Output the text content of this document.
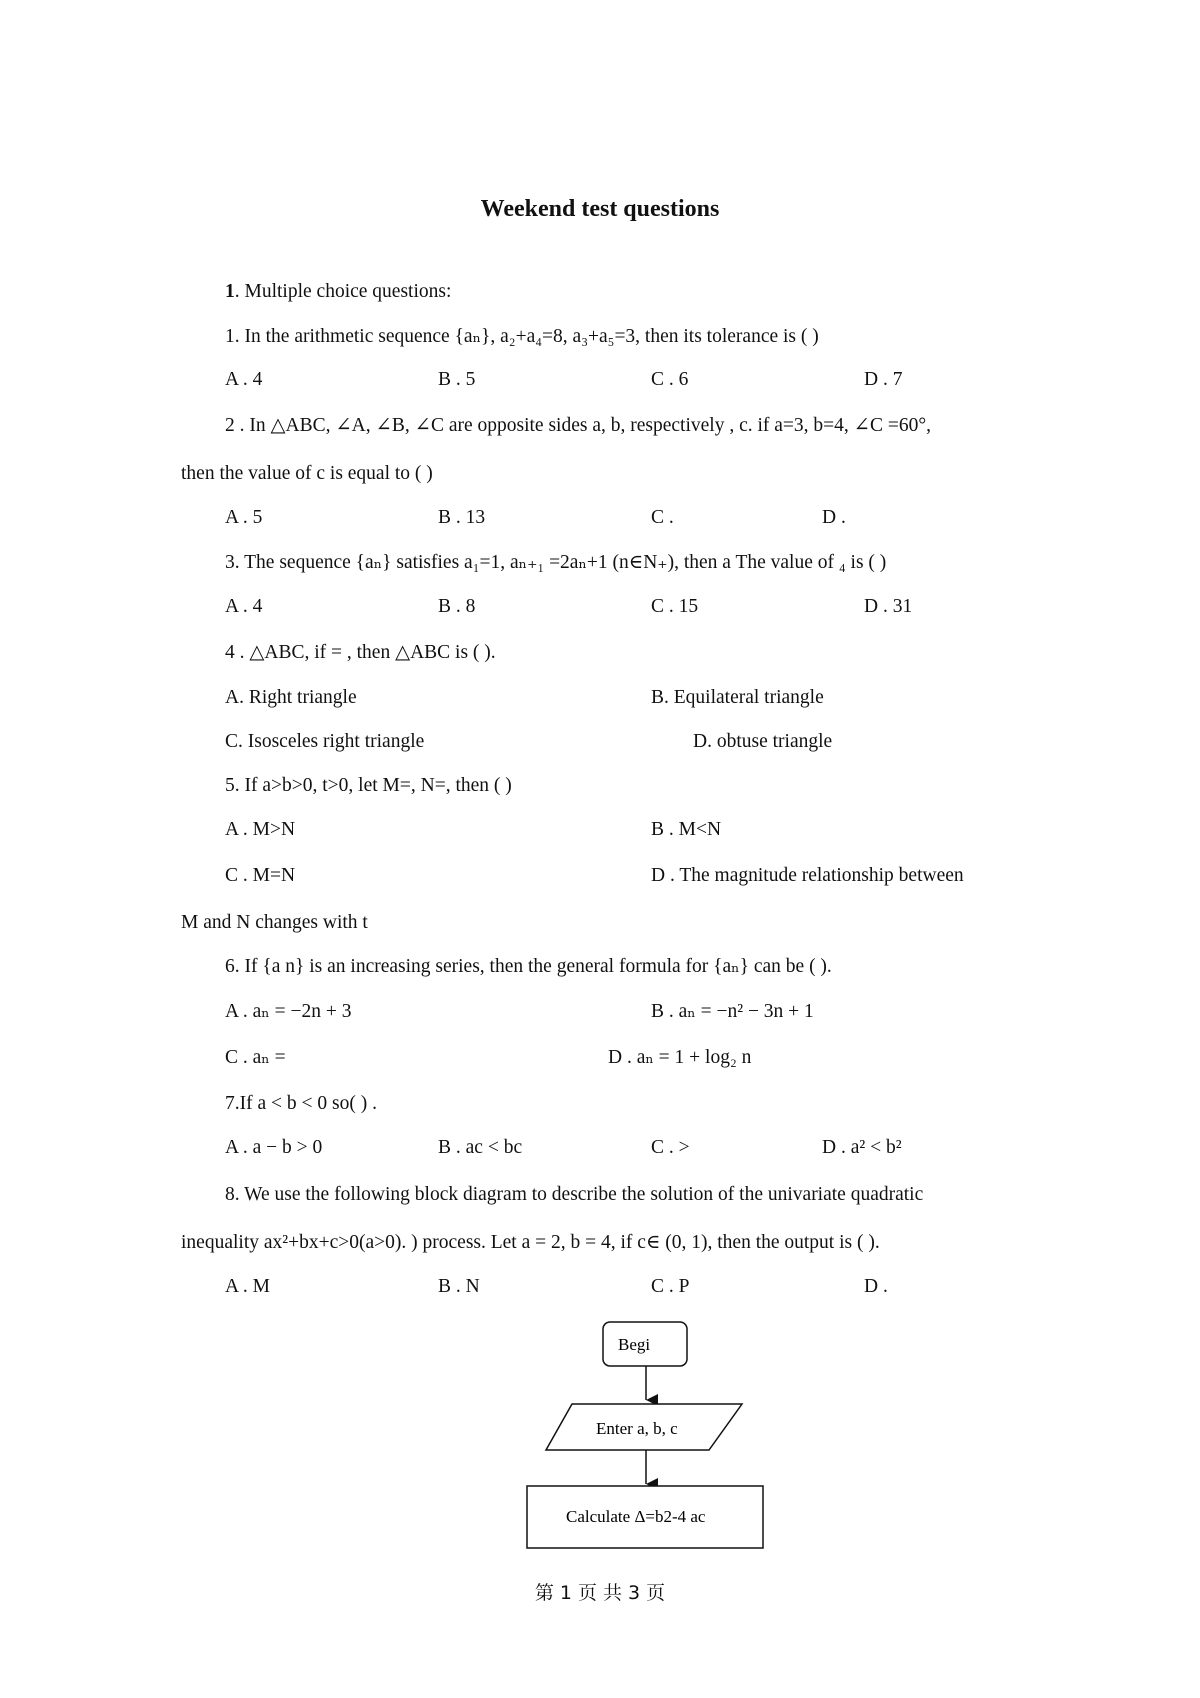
Weekend test questions
1. Multiple choice questions:
1. In the arithmetic sequence {aₙ}, a₂+a₄=8, a₃+a₅=3, then its tolerance is ( )
A . 4	B . 5	C . 6	D . 7
2 . In △ABC, ∠A, ∠B, ∠C are opposite sides a, b, respectively , c. if a=3, b=4, ∠C =60°,
then the value of c is equal to ( )
A . 5	B . 13	C .	D .
3. The sequence {aₙ} satisfies a₁=1, aₙ₊₁ =2aₙ+1 (n∈N₊), then a The value of ₄ is ( )
A . 4	B . 8	C . 15	D . 31
4 . △ABC, if = , then △ABC is ( ).
A. Right triangle	B. Equilateral triangle
C. Isosceles right triangle	D. obtuse triangle
5. If a>b>0, t>0, let M=, N=, then ( )
A . M>N	B . M<N
C . M=N	D . The magnitude relationship between
M and N changes with t
6. If {a n} is an increasing series, then the general formula for {aₙ} can be ( ).
A . aₙ = −2n + 3	B . aₙ = −n² − 3n + 1
C . aₙ =	D . aₙ = 1 + log₂ n
7.If a < b < 0 so( ) .
A . a − b > 0	B . ac < bc	C . >	D . a² < b²
8. We use the following block diagram to describe the solution of the univariate quadratic
inequality ax²+bx+c>0(a>0). ) process. Let a = 2, b = 4, if c∈ (0, 1), then the output is ( ).
A . M	B . N	C . P	D .
Begi
Enter a, b, c
Calculate Δ=b2-4 ac
第 1 页 共 3 页
